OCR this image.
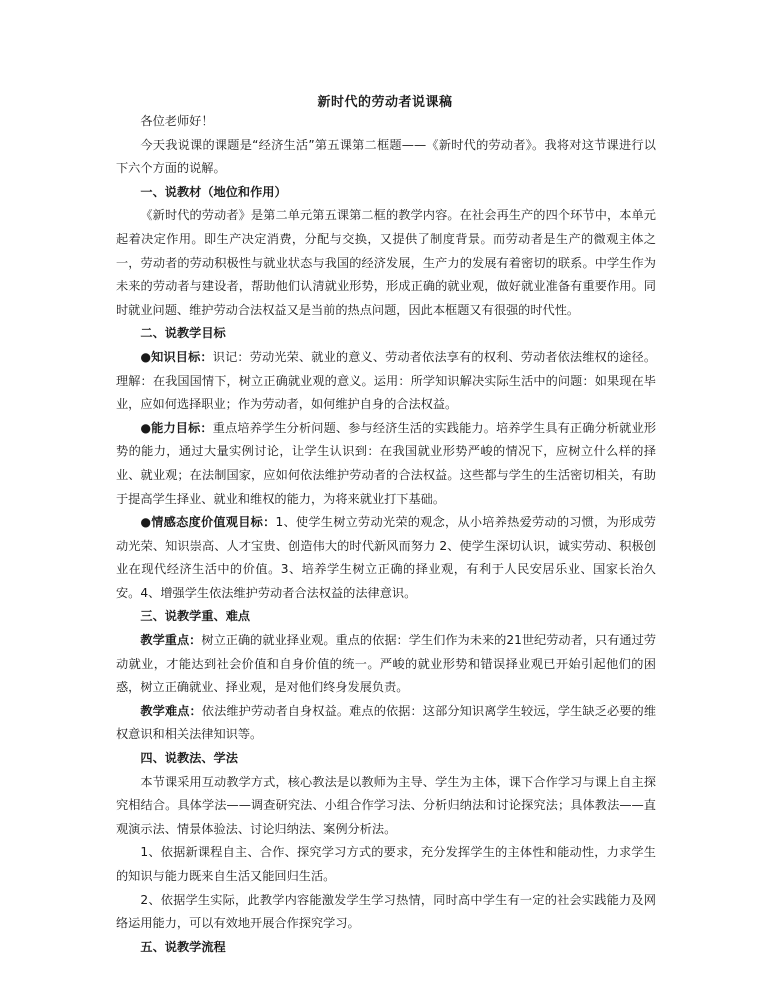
新时代的劳动者说课稿

各位老师好！

今天我说课的课题是“经济生活”第五课第二框题——《新时代的劳动者》。我将对这节课进行以下六个方面的说解。

一、说教材（地位和作用）

《新时代的劳动者》是第二单元第五课第二框的教学内容。在社会再生产的四个环节中，本单元起着决定作用。即生产决定消费，分配与交换，又提供了制度背景。而劳动者是生产的微观主体之一，劳动者的劳动积极性与就业状态与我国的经济发展，生产力的发展有着密切的联系。中学生作为未来的劳动者与建设者，帮助他们认清就业形势，形成正确的就业观，做好就业准备有重要作用。同时就业问题、维护劳动合法权益又是当前的热点问题，因此本框题又有很强的时代性。

二、说教学目标

●知识目标：识记：劳动光荣、就业的意义、劳动者依法享有的权利、劳动者依法维权的途径。理解：在我国国情下，树立正确就业观的意义。运用：所学知识解决实际生活中的问题：如果现在毕业，应如何选择职业；作为劳动者，如何维护自身的合法权益。

●能力目标：重点培养学生分析问题、参与经济生活的实践能力。培养学生具有正确分析就业形势的能力，通过大量实例讨论，让学生认识到：在我国就业形势严峻的情况下，应树立什么样的择业、就业观；在法制国家，应如何依法维护劳动者的合法权益。这些都与学生的生活密切相关，有助于提高学生择业、就业和维权的能力，为将来就业打下基础。

●情感态度价值观目标：1、使学生树立劳动光荣的观念，从小培养热爱劳动的习惯，为形成劳动光荣、知识崇高、人才宝贵、创造伟大的时代新风而努力 2、使学生深切认识，诚实劳动、积极创业在现代经济生活中的价值。3、培养学生树立正确的择业观，有利于人民安居乐业、国家长治久安。4、增强学生依法维护劳动者合法权益的法律意识。

三、说教学重、难点

教学重点：树立正确的就业择业观。重点的依据：学生们作为未来的21世纪劳动者，只有通过劳动就业，才能达到社会价值和自身价值的统一。严峻的就业形势和错误择业观已开始引起他们的困惑，树立正确就业、择业观，是对他们终身发展负责。

教学难点：依法维护劳动者自身权益。难点的依据：这部分知识离学生较远，学生缺乏必要的维权意识和相关法律知识等。

四、说教法、学法

本节课采用互动教学方式，核心教法是以教师为主导、学生为主体，课下合作学习与课上自主探究相结合。具体学法——调查研究法、小组合作学习法、分析归纳法和讨论探究法；具体教法——直观演示法、情景体验法、讨论归纳法、案例分析法。

1、依据新课程自主、合作、探究学习方式的要求，充分发挥学生的主体性和能动性，力求学生的知识与能力既来自生活又能回归生活。

2、依据学生实际，此教学内容能激发学生学习热情，同时高中学生有一定的社会实践能力及网络运用能力，可以有效地开展合作探究学习。

五、说教学流程
